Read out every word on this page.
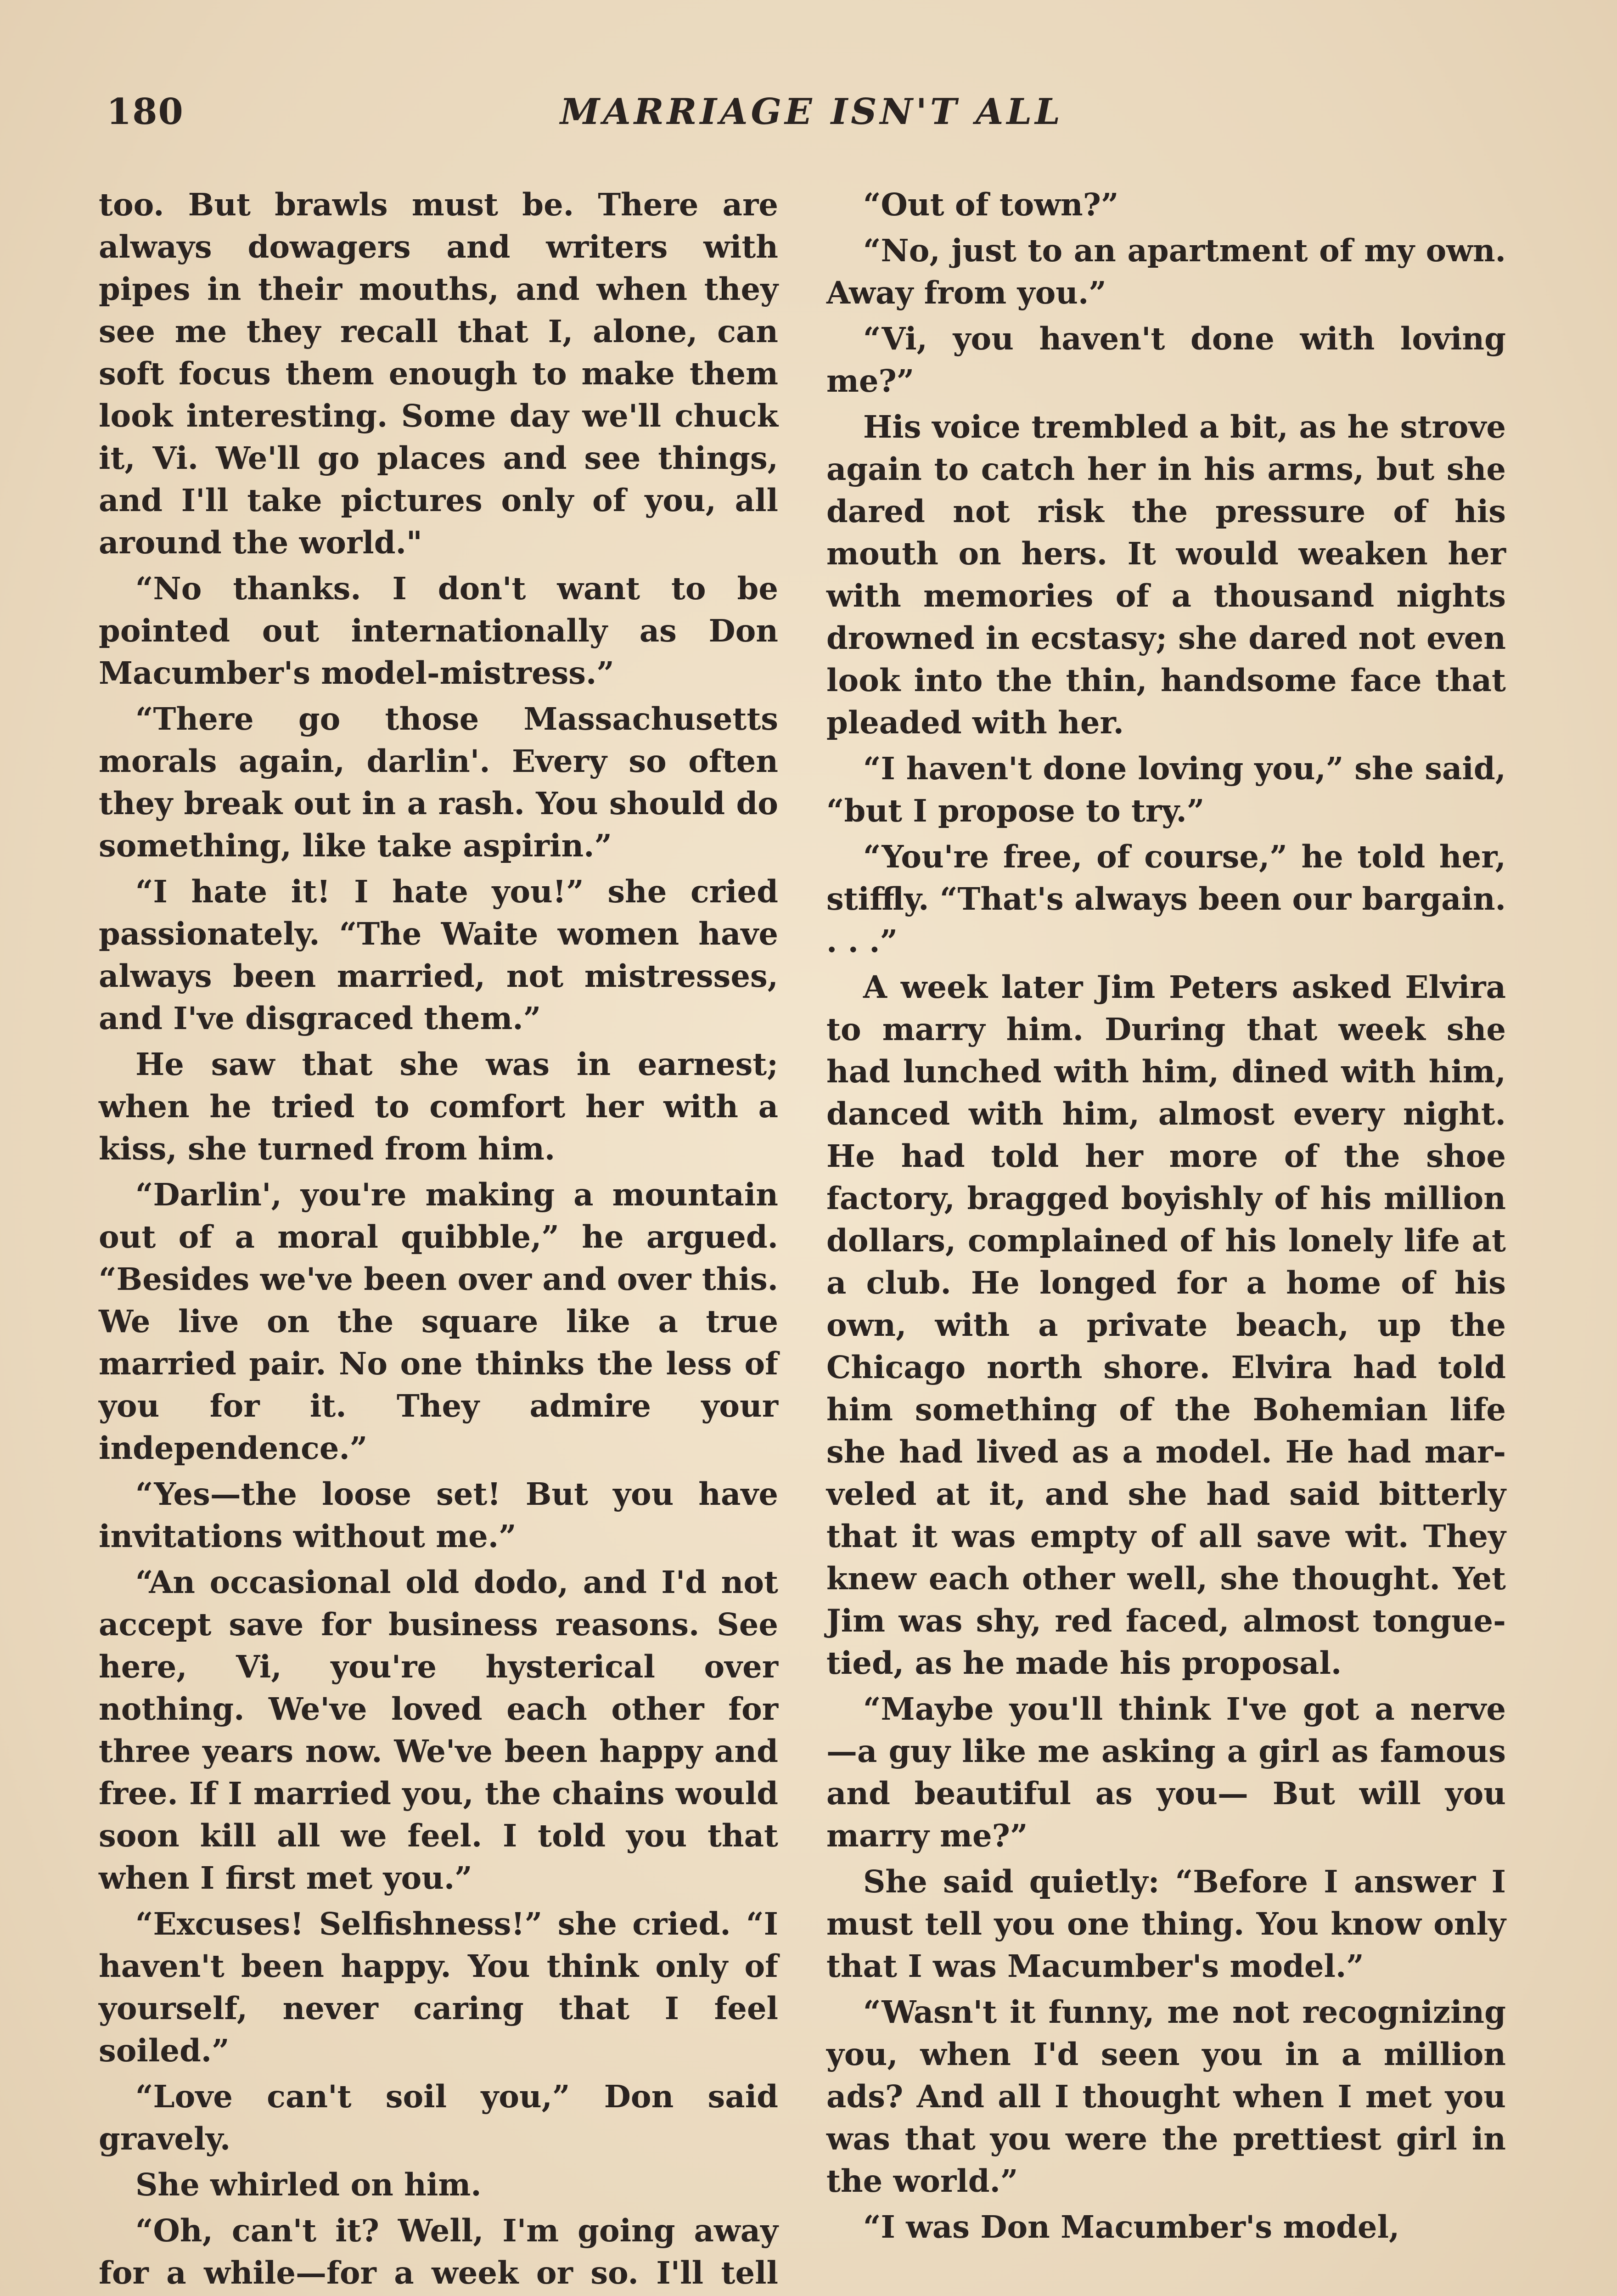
180	MARRIAGE ISN'T ALL

too. But brawls must be. There are always dowagers and writers with pipes in their mouths, and when they see me they recall that I, alone, can soft focus them enough to make them look interesting. Some day we'll chuck it, Vi. We'll go places and see things, and I'll take pictures only of you, all around the world."

“No thanks. I don't want to be pointed out internationally as Don Macumber's model-mistress.”

“There go those Massachusetts morals again, darlin'. Every so often they break out in a rash. You should do something, like take aspirin.”

“I hate it! I hate you!” she cried passionately. “The Waite women have always been married, not mistresses, and I've disgraced them.”

He saw that she was in earnest; when he tried to comfort her with a kiss, she turned from him.

“Darlin', you're making a mountain out of a moral quibble,” he argued. “Besides we've been over and over this. We live on the square like a true married pair. No one thinks the less of you for it. They admire your independence.”

“Yes—the loose set! But you have invitations without me.”

“An occasional old dodo, and I'd not accept save for business reasons. See here, Vi, you're hysterical over nothing. We've loved each other for three years now. We've been happy and free. If I married you, the chains would soon kill all we feel. I told you that when I first met you.”

“Excuses! Selfishness!” she cried. “I haven't been happy. You think only of yourself, never caring that I feel soiled.”

“Love can't soil you,” Don said gravely.

She whirled on him.

“Oh, can't it? Well, I'm going away for a while—for a week or so. I'll tell

“Out of town?”

“No, just to an apartment of my own. Away from you.”

“Vi, you haven't done with loving me?”

His voice trembled a bit, as he strove again to catch her in his arms, but she dared not risk the pressure of his mouth on hers. It would weaken her with memories of a thousand nights drowned in ecstasy; she dared not even look into the thin, handsome face that pleaded with her.

“I haven't done loving you,” she said, “but I propose to try.”

“You're free, of course,” he told her, stiffly. “That's always been our bargain. . . .”

A week later Jim Peters asked Elvira to marry him. During that week she had lunched with him, dined with him, danced with him, almost every night. He had told her more of the shoe factory, bragged boyishly of his million dollars, complained of his lonely life at a club. He longed for a home of his own, with a private beach, up the Chicago north shore. Elvira had told him something of the Bohemian life she had lived as a model. He had marveled at it, and she had said bitterly that it was empty of all save wit. They knew each other well, she thought. Yet Jim was shy, red faced, almost tongue-tied, as he made his proposal.

“Maybe you'll think I've got a nerve—a guy like me asking a girl as famous and beautiful as you— But will you marry me?”

She said quietly: “Before I answer I must tell you one thing. You know only that I was Macumber's model.”

“Wasn't it funny, me not recognizing you, when I'd seen you in a million ads? And all I thought when I met you was that you were the prettiest girl in the world.”

“I was Don Macumber's model,
